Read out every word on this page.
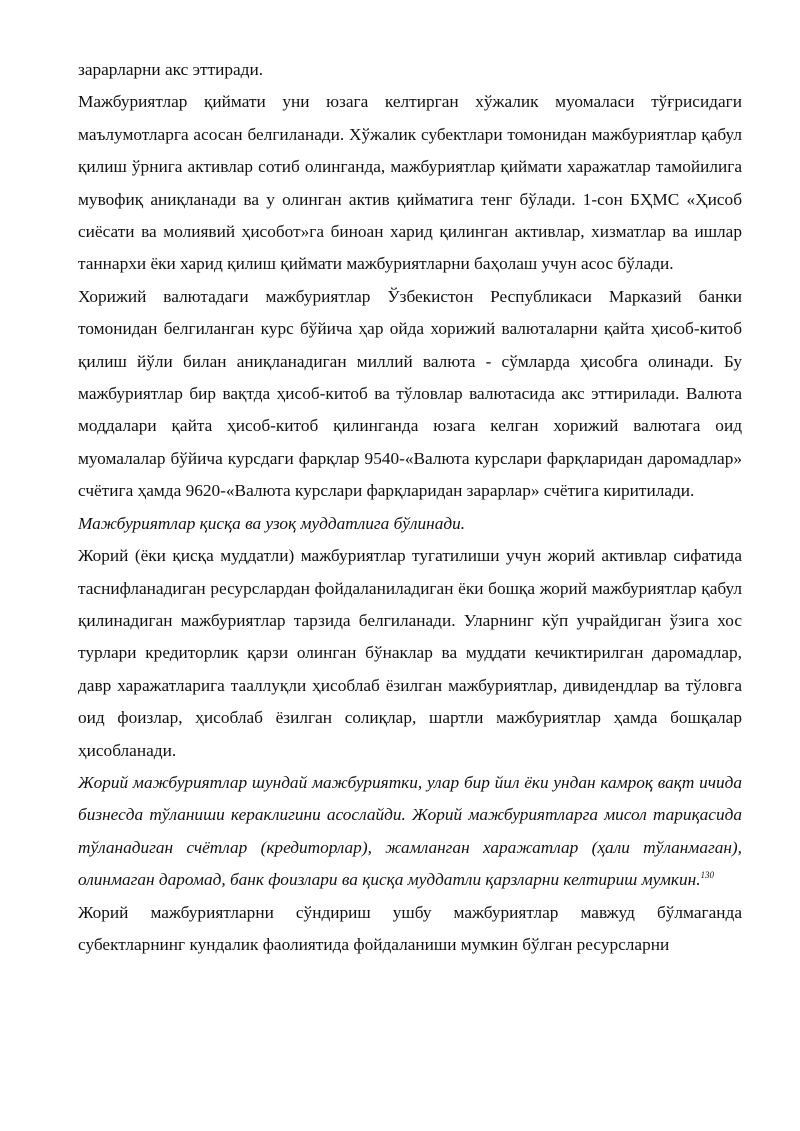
зарарларни акс эттиради.

Мажбуриятлар қиймати уни юзага келтирган хўжалик муомаласи тўғрисидаги маълумотларга асосан белгиланади. Хўжалик субектлари томонидан мажбуриятлар қабул қилиш ўрнига активлар сотиб олинганда, мажбуриятлар қиймати харажатлар тамойилига мувофиқ аниқланади ва у олинган актив қийматига тенг бўлади. 1-сон БҲМС «Ҳисоб сиёсати ва молиявий ҳисобот»га биноан харид қилинган активлар, хизматлар ва ишлар таннархи ёки харид қилиш қиймати мажбуриятларни баҳолаш учун асос бўлади.

Хорижий валютадаги мажбуриятлар Ўзбекистон Республикаси Марказий банки томонидан белгиланган курс бўйича ҳар ойда хорижий валюталарни қайта ҳисоб-китоб қилиш йўли билан аниқланадиган миллий валюта - сўмларда ҳисобга олинади. Бу мажбуриятлар бир вақтда ҳисоб-китоб ва тўловлар валютасида акс эттирилади. Валюта моддалари қайта ҳисоб-китоб қилинганда юзага келган хорижий валютага оид муомалалар бўйича курсдаги фарқлар 9540-«Валюта курслари фарқларидан даромадлар» счётига ҳамда 9620-«Валюта курслари фарқларидан зарарлар» счётига киритилади.

Мажбуриятлар қисқа ва узоқ муддатлига бўлинади.

Жорий (ёки қисқа муддатли) мажбуриятлар тугатилиши учун жорий активлар сифатида таснифланадиган ресурслардан фойдаланиладиган ёки бошқа жорий мажбуриятлар қабул қилинадиган мажбуриятлар тарзида белгиланади. Уларнинг кўп учрайдиган ўзига хос турлари кредиторлик қарзи олинган бўнаклар ва муддати кечиктирилган даромадлар, давр харажатларига тааллуқли ҳисоблаб ёзилган мажбуриятлар, дивидендлар ва тўловга оид фоизлар, ҳисоблаб ёзилган солиқлар, шартли мажбуриятлар ҳамда бошқалар ҳисобланади.

Жорий мажбуриятлар шундай мажбуриятки, улар бир йил ёки ундан камроқ вақт ичида бизнесда тўланиши кераклигини асослайди. Жорий мажбуриятларга мисол тариқасида тўланадиган счётлар (кредиторлар), жамланган харажатлар (ҳали тўланмаган), олинмаган даромад, банк фоизлари ва қисқа муддатли қарзларни келтириш мумкин.$^{130}$

Жорий мажбуриятларни сўндириш ушбу мажбуриятлар мавжуд бўлмаганда субектларнинг кундалик фаолиятида фойдаланиши мумкин бўлган ресурсларни
